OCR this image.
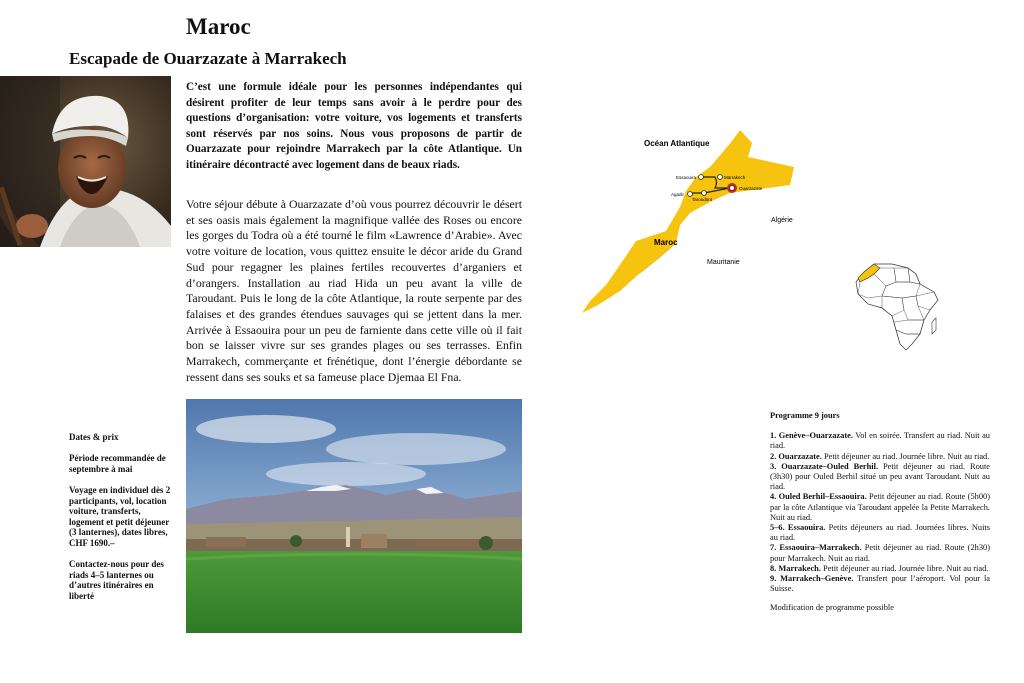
Maroc
Escapade de Ouarzazate à Marrakech
C’est une formule idéale pour les personnes indépendantes qui désirent profiter de leur temps sans avoir à le perdre pour des questions d’organisation: votre voiture, vos logements et transferts sont réservés par nos soins. Nous vous proposons de partir de Ouarzazate pour rejoindre Marrakech par la côte Atlantique. Un itinéraire décontracté avec logement dans de beaux riads.
Votre séjour débute à Ouarzazate d’où vous pourrez découvrir le désert et ses oasis mais également la magnifique vallée des Roses ou encore les gorges du Todra où a été tourné le film «Lawrence d’Arabie». Avec votre voiture de location, vous quittez ensuite le décor aride du Grand Sud pour regagner les plaines fertiles recouvertes d’arganiers et d’orangers. Installation au riad Hida un peu avant la ville de Taroudant. Puis le long de la côte Atlantique, la route serpente par des falaises et des grandes étendues sauvages qui se jettent dans la mer. Arrivée à Essaouira pour un peu de farniente dans cette ville où il fait bon se laisser vivre sur ses grandes plages ou ses terrasses. Enfin Marrakech, commerçante et frénétique, dont l’énergie débordante se ressent dans ses souks et sa fameuse place Djemaa El Fna.

Dates & prix

Période recommandée de septembre à mai

Voyage en individuel dès 2 participants, vol, location voiture, transferts, logement et petit déjeuner (3 lanternes), dates libres, CHF 1690.–

Contactez-nous pour des riads 4–5 lanternes ou d’autres itinéraires en liberté

Océan Atlantique
Essaouira	Marrakech
Ouarzazate
Agadir
Taroudant
Maroc
Algérie
Mauritanie
Programme 9 jours
1. Genève–Ouarzazate. Vol en soirée. Transfert au riad. Nuit au riad.
2. Ouarzazate. Petit déjeuner au riad. Journée libre. Nuit au riad.
3. Ouarzazate–Ouled Berhil. Petit déjeuner au riad. Route (3h30) pour Ouled Berhil situé un peu avant Taroudant. Nuit au riad.
4. Ouled Berhil–Essaouira. Petit déjeuner au riad. Route (5h00) par la côte Atlantique via Taroudant appelée la Petite Marrakech. Nuit au riad.
5–6. Essaouira. Petits déjeuners au riad. Journées libres. Nuits au riad.
7. Essaouira–Marrakech. Petit déjeuner au riad. Route (2h30) pour Marrakech. Nuit au riad.
8. Marrakech. Petit déjeuner au riad. Journée libre. Nuit au riad.
9. Marrakech–Genève. Transfert pour l’aéroport. Vol pour la Suisse.
Modification de programme possible
